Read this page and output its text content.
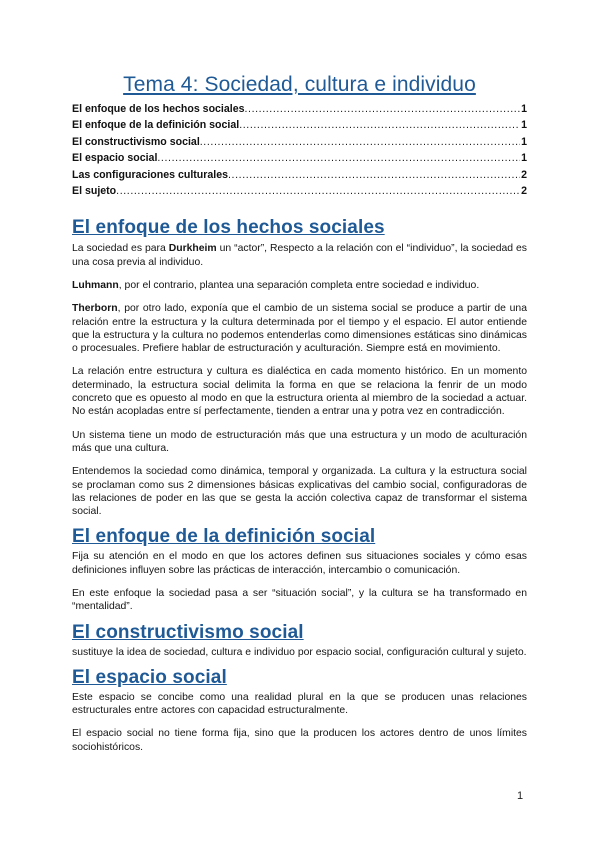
Tema 4: Sociedad, cultura e individuo
El enfoque de los hechos sociales .....	1
El enfoque de la definición social .....	1
El constructivismo social .....	1
El espacio social .....	1
Las configuraciones culturales .....	2
El sujeto .....	2
El enfoque de los hechos sociales

La sociedad es para Durkheim un “actor”, Respecto a la relación con el “individuo”, la sociedad es una cosa previa al individuo.

Luhmann, por el contrario, plantea una separación completa entre sociedad e individuo.

Therborn, por otro lado, exponía que el cambio de un sistema social se produce a partir de una relación entre la estructura y la cultura determinada por el tiempo y el espacio. El autor entiende que la estructura y la cultura no podemos entenderlas como dimensiones estáticas sino dinámicas o procesuales. Prefiere hablar de estructuración y aculturación. Siempre está en movimiento.

La relación entre estructura y cultura es dialéctica en cada momento histórico. En un momento determinado, la estructura social delimita la forma en que se relaciona la fenrir de un modo concreto que es opuesto al modo en que la estructura orienta al miembro de la sociedad a actuar. No están acopladas entre sí perfectamente, tienden a entrar una y potra vez en contradicción.

Un sistema tiene un modo de estructuración más que una estructura y un modo de aculturación más que una cultura.

Entendemos la sociedad como dinámica, temporal y organizada. La cultura y la estructura social se proclaman como sus 2 dimensiones básicas explicativas del cambio social, configuradoras de las relaciones de poder en las que se gesta la acción colectiva capaz de transformar el sistema social.

El enfoque de la definición social

Fija su atención en el modo en que los actores definen sus situaciones sociales y cómo esas definiciones influyen sobre las prácticas de interacción, intercambio o comunicación.

En este enfoque la sociedad pasa a ser “situación social”, y la cultura se ha transformado en “mentalidad”.

El constructivismo social

sustituye la idea de sociedad, cultura e individuo por espacio social, configuración cultural y sujeto.

El espacio social

Este espacio se concibe como una realidad plural en la que se producen unas relaciones estructurales entre actores con capacidad estructuralmente.

El espacio social no tiene forma fija, sino que la producen los actores dentro de unos límites sociohistóricos.

1
